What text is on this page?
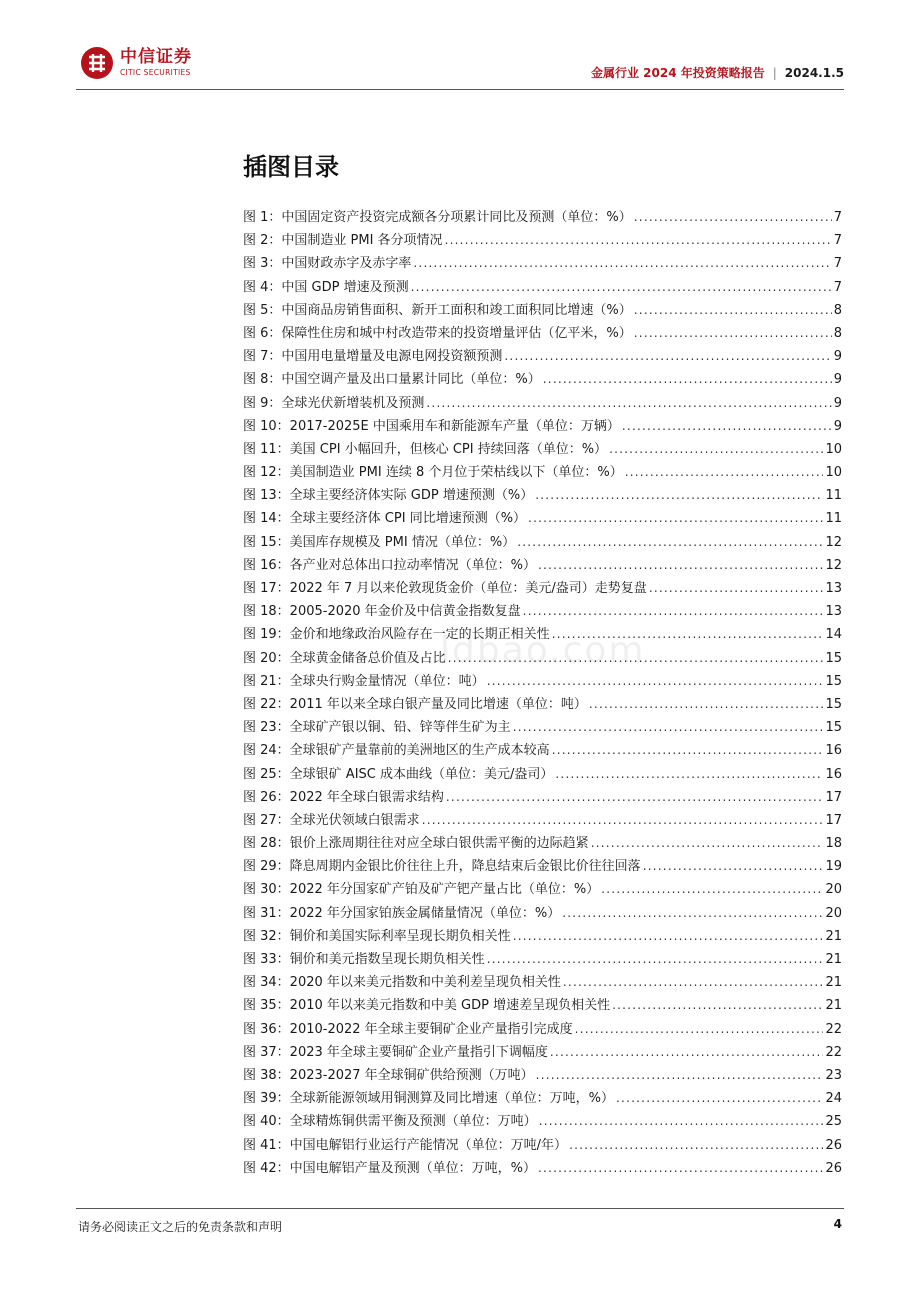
中信证券
CITIC SECURITIES	金属行业 2024 年投资策略报告 | 2024.1.5
插图目录
图 1：中国固定资产投资完成额各分项累计同比及预测（单位：%） . . .	7
图 2：中国制造业 PMI 各分项情况 . . .	7
图 3：中国财政赤字及赤字率 . . .	7
图 4：中国 GDP 增速及预测 . . .	7
图 5：中国商品房销售面积、新开工面积和竣工面积同比增速（%） . . .	8
图 6：保障性住房和城中村改造带来的投资增量评估（亿平米，%） . . .	8
图 7：中国用电量增量及电源电网投资额预测 . . .	9
图 8：中国空调产量及出口量累计同比（单位：%） . . .	9
图 9：全球光伏新增装机及预测 . . .	9
图 10：2017-2025E 中国乘用车和新能源车产量（单位：万辆） . . .	9
图 11：美国 CPI 小幅回升，但核心 CPI 持续回落（单位：%） . . .	10
图 12：美国制造业 PMI 连续 8 个月位于荣枯线以下（单位：%） . . .	10
图 13：全球主要经济体实际 GDP 增速预测（%） . . .	11
图 14：全球主要经济体 CPI 同比增速预测（%） . . .	11
图 15：美国库存规模及 PMI 情况（单位：%） . . .	12
图 16：各产业对总体出口拉动率情况（单位：%） . . .	12
图 17：2022 年 7 月以来伦敦现货金价（单位：美元/盎司）走势复盘 . . .	13
图 18：2005-2020 年金价及中信黄金指数复盘 . . .	13
图 19：金价和地缘政治风险存在一定的长期正相关性 . . .	14
图 20：全球黄金储备总价值及占比 . . .	15
图 21：全球央行购金量情况（单位：吨） . . .	15
图 22：2011 年以来全球白银产量及同比增速（单位：吨） . . .	15
图 23：全球矿产银以铜、铅、锌等伴生矿为主 . . .	15
图 24：全球银矿产量靠前的美洲地区的生产成本较高 . . .	16
图 25：全球银矿 AISC 成本曲线（单位：美元/盎司） . . .	16
图 26：2022 年全球白银需求结构 . . .	17
图 27：全球光伏领域白银需求 . . .	17
图 28：银价上涨周期往往对应全球白银供需平衡的边际趋紧 . . .	18
图 29：降息周期内金银比价往往上升，降息结束后金银比价往往回落 . . .	19
图 30：2022 年分国家矿产铂及矿产钯产量占比（单位：%） . . .	20
图 31：2022 年分国家铂族金属储量情况（单位：%） . . .	20
图 32：铜价和美国实际利率呈现长期负相关性 . . .	21
图 33：铜价和美元指数呈现长期负相关性 . . .	21
图 34：2020 年以来美元指数和中美利差呈现负相关性 . . .	21
图 35：2010 年以来美元指数和中美 GDP 增速差呈现负相关性 . . .	21
图 36：2010-2022 年全球主要铜矿企业产量指引完成度 . . .	22
图 37：2023 年全球主要铜矿企业产量指引下调幅度 . . .	22
图 38：2023-2027 年全球铜矿供给预测（万吨） . . .	23
图 39：全球新能源领域用铜测算及同比增速（单位：万吨，%） . . .	24
图 40：全球精炼铜供需平衡及预测（单位：万吨） . . .	25
图 41：中国电解铝行业运行产能情况（单位：万吨/年） . . .	26
图 42：中国电解铝产量及预测（单位：万吨，%） . . .	26
ldbao.com
请务必阅读正文之后的免责条款和声明	4
